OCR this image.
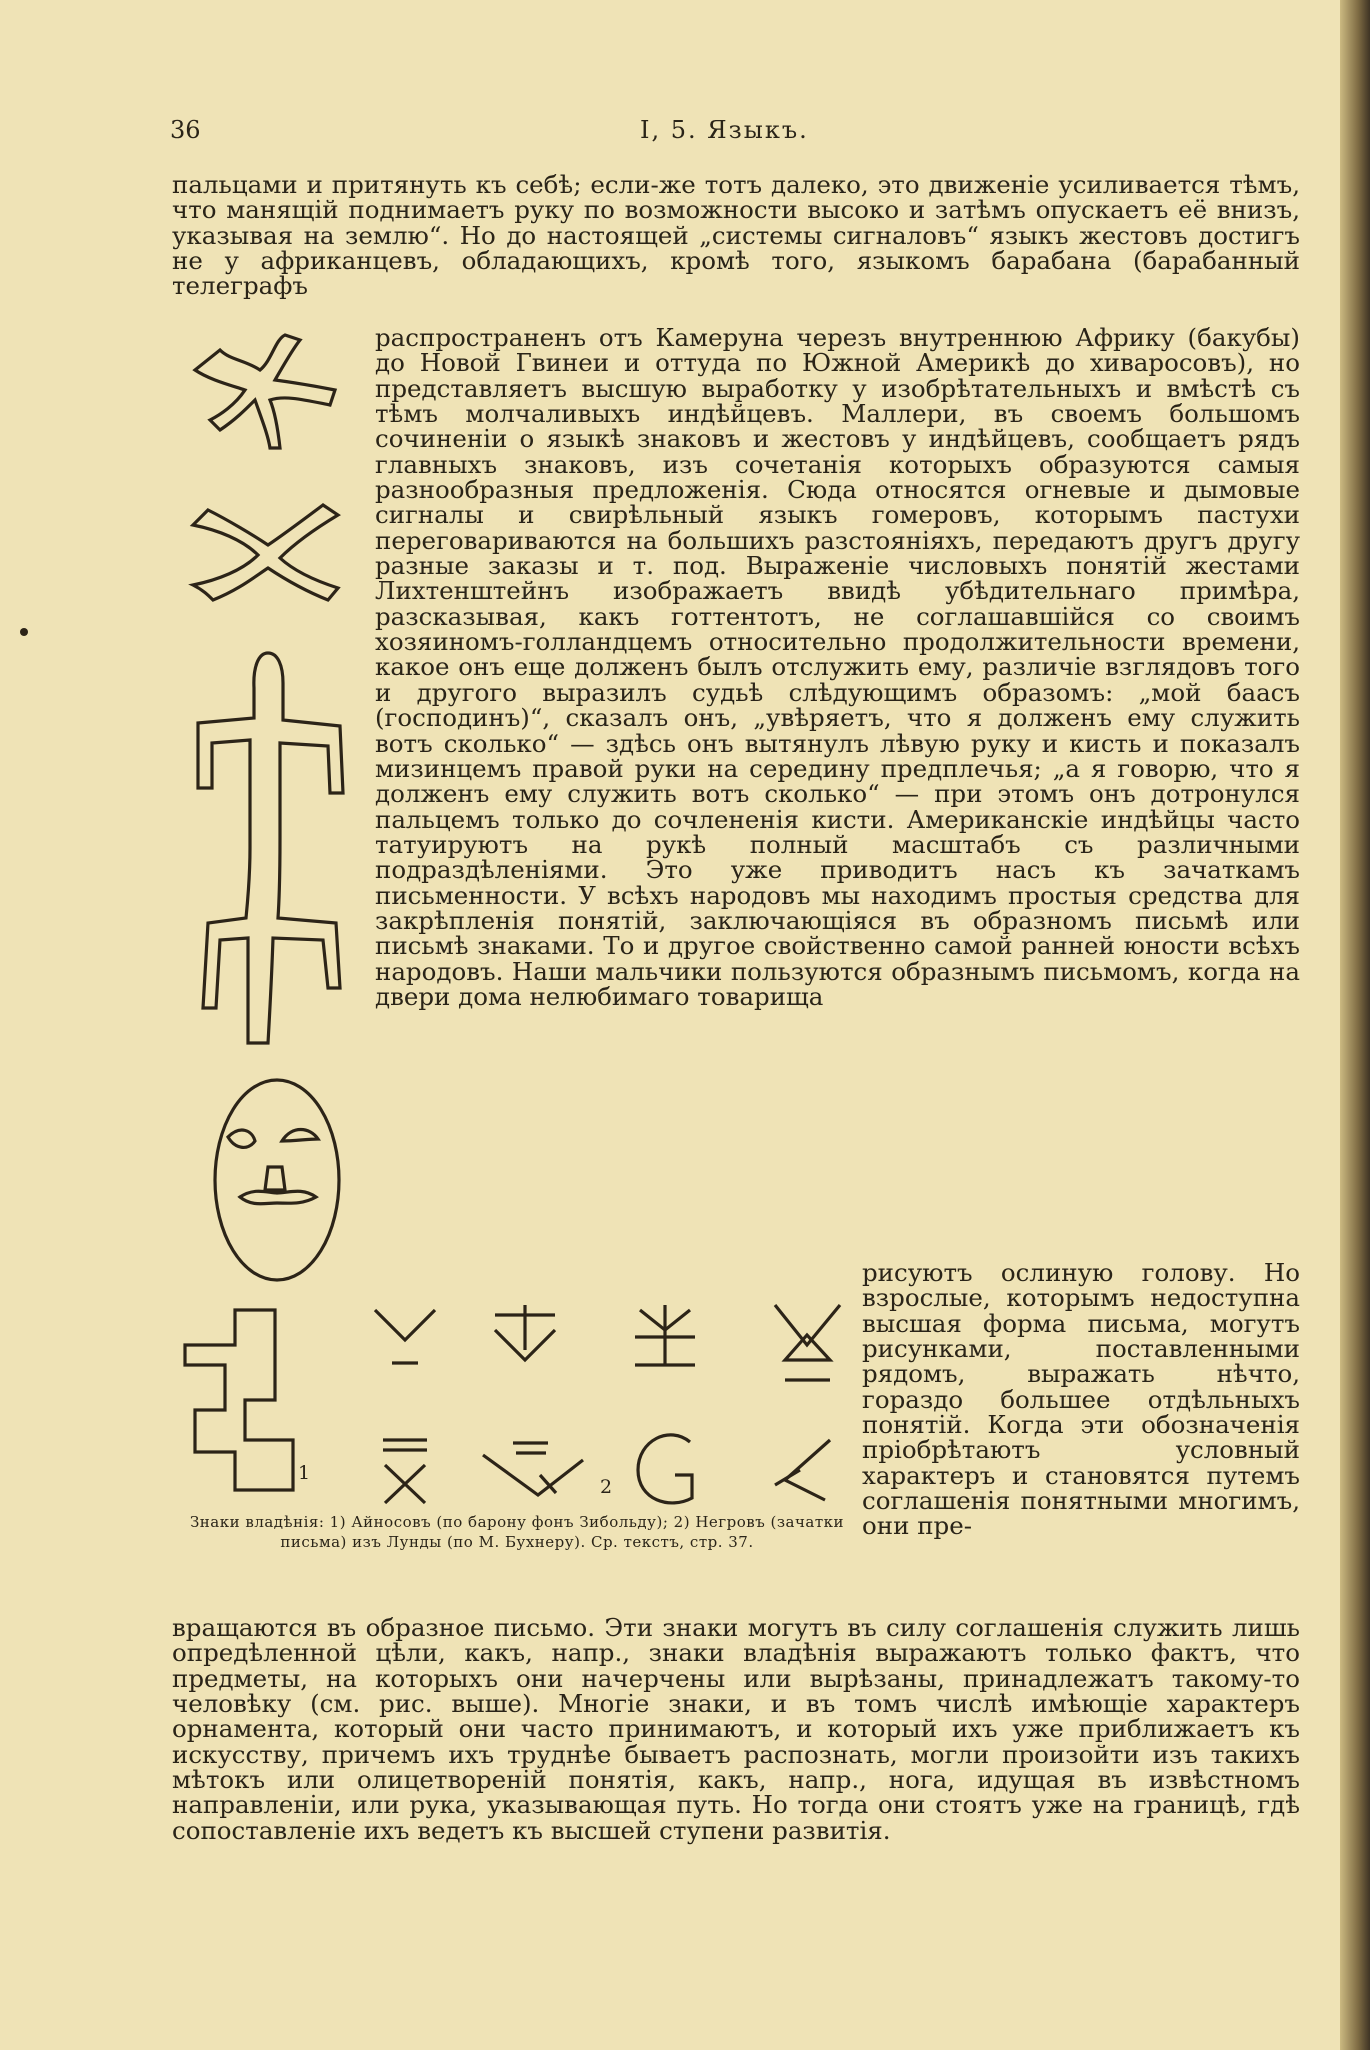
36	I, 5. Языкъ.

пальцами и притянуть къ себѣ; если-же тотъ далеко, это движеніе усиливается тѣмъ, что манящій поднимаетъ руку по возможности высоко и затѣмъ опускаетъ её внизъ, указывая на землю“. Но до настоящей „системы сигналовъ“ языкъ жестовъ достигъ не у африканцевъ, обладающихъ, кромѣ того, языкомъ барабана (барабанный телеграфъ

распространенъ отъ Камеруна черезъ внутреннюю Африку (бакубы) до Новой Гвинеи и оттуда по Южной Америкѣ до хиваросовъ), но представляетъ высшую выработку у изобрѣтательныхъ и вмѣстѣ съ тѣмъ молчаливыхъ индѣйцевъ. Маллери, въ своемъ большомъ сочиненіи о языкѣ знаковъ и жестовъ у индѣйцевъ, сообщаетъ рядъ главныхъ знаковъ, изъ сочетанія которыхъ образуются самыя разнообразныя предложенія. Сюда относятся огневые и дымовые сигналы и свирѣльный языкъ гомеровъ, которымъ пастухи переговариваются на большихъ разстояніяхъ, передаютъ другъ другу разные заказы и т. под. Выраженіе числовыхъ понятій жестами Лихтенштейнъ изображаетъ ввидѣ убѣдительнаго примѣра, разсказывая, какъ готтентотъ, не соглашавшійся со своимъ хозяиномъ-голландцемъ относительно продолжительности времени, какое онъ еще долженъ былъ отслужить ему, различіе взглядовъ того и другого выразилъ судьѣ слѣдующимъ образомъ: „мой баасъ (господинъ)“, сказалъ онъ, „увѣряетъ, что я долженъ ему служить вотъ сколько“ — здѣсь онъ вытянулъ лѣвую руку и кисть и показалъ мизинцемъ правой руки на середину предплечья; „а я говорю, что я долженъ ему служить вотъ сколько“ — при этомъ онъ дотронулся пальцемъ только до сочлененія кисти. Американскіе индѣйцы часто татуируютъ на рукѣ полный масштабъ съ различными подраздѣленіями. Это уже приводитъ насъ къ зачаткамъ письменности. У всѣхъ народовъ мы находимъ простыя средства для закрѣпленія понятій, заключающіяся въ образномъ письмѣ или письмѣ знаками. То и другое свойственно самой ранней юности всѣхъ народовъ. Наши мальчики пользуются образнымъ письмомъ, когда на двери дома нелюбимаго товарища

рисуютъ ослиную голову. Но взрослые, которымъ недоступна высшая форма письма, могутъ рисунками, поставленными рядомъ, выражать нѣчто, гораздо большее отдѣльныхъ понятій. Когда эти обозначенія пріобрѣтаютъ условный характеръ и становятся путемъ соглашенія понятными многимъ, они пре-

вращаются въ образное письмо. Эти знаки могутъ въ силу соглашенія служить лишь опредѣленной цѣли, какъ, напр., знаки владѣнія выражаютъ только фактъ, что предметы, на которыхъ они начерчены или вырѣзаны, принадлежатъ такому-то человѣку (см. рис. выше). Многіе знаки, и въ томъ числѣ имѣющіе характеръ орнамента, который они часто принимаютъ, и который ихъ уже приближаетъ къ искусству, причемъ ихъ труднѣе бываетъ распознать, могли произойти изъ такихъ мѣтокъ или олицетвореній понятія, какъ, напр., нога, идущая въ извѣстномъ направленіи, или рука, указывающая путь. Но тогда они стоятъ уже на границѣ, гдѣ сопоставленіе ихъ ведетъ къ высшей ступени развитія.

1
2

Знаки владѣнія: 1) Айносовъ (по барону фонъ Зибольду); 2) Негровъ (зачатки письма) изъ Лунды (по М. Бухнеру). Ср. текстъ, стр. 37.
